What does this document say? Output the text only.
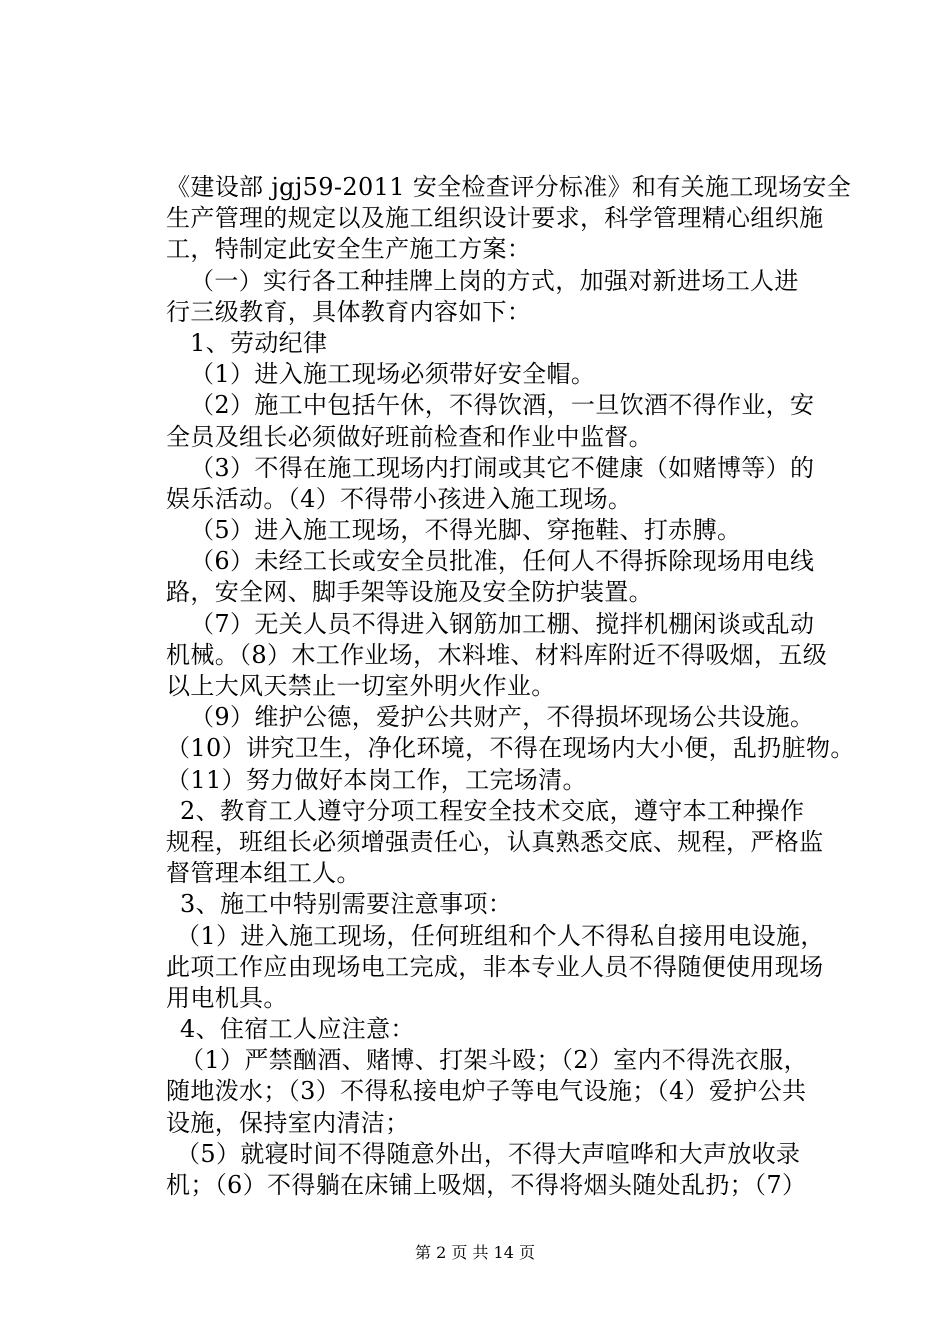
《建设部 jgj59-2011 安全检查评分标准》和有关施工现场安全
生产管理的规定以及施工组织设计要求，科学管理精心组织施
工，特制定此安全生产施工方案：
（一）实行各工种挂牌上岗的方式，加强对新进场工人进
行三级教育，具体教育内容如下：
1、劳动纪律
（1）进入施工现场必须带好安全帽。
（2）施工中包括午休，不得饮酒，一旦饮酒不得作业，安
全员及组长必须做好班前检查和作业中监督。
（3）不得在施工现场内打闹或其它不健康（如赌博等）的
娱乐活动。（4）不得带小孩进入施工现场。
（5）进入施工现场，不得光脚、穿拖鞋、打赤膊。
（6）未经工长或安全员批准，任何人不得拆除现场用电线
路，安全网、脚手架等设施及安全防护装置。
（7）无关人员不得进入钢筋加工棚、搅拌机棚闲谈或乱动
机械。（8）木工作业场，木料堆、材料库附近不得吸烟，五级
以上大风天禁止一切室外明火作业。
（9）维护公德，爱护公共财产，不得损坏现场公共设施。
（10）讲究卫生，净化环境，不得在现场内大小便，乱扔脏物。
（11）努力做好本岗工作，工完场清。
2、教育工人遵守分项工程安全技术交底，遵守本工种操作
规程，班组长必须增强责任心，认真熟悉交底、规程，严格监
督管理本组工人。
3、施工中特别需要注意事项：
（1）进入施工现场，任何班组和个人不得私自接用电设施，
此项工作应由现场电工完成，非本专业人员不得随便使用现场
用电机具。
4、住宿工人应注意：
（1）严禁酗酒、赌博、打架斗殴；（2）室内不得洗衣服，
随地泼水；（3）不得私接电炉子等电气设施；（4）爱护公共
设施，保持室内清洁；
（5）就寝时间不得随意外出，不得大声喧哗和大声放收录
机；（6）不得躺在床铺上吸烟，不得将烟头随处乱扔；（7）
第 2 页 共 14 页
